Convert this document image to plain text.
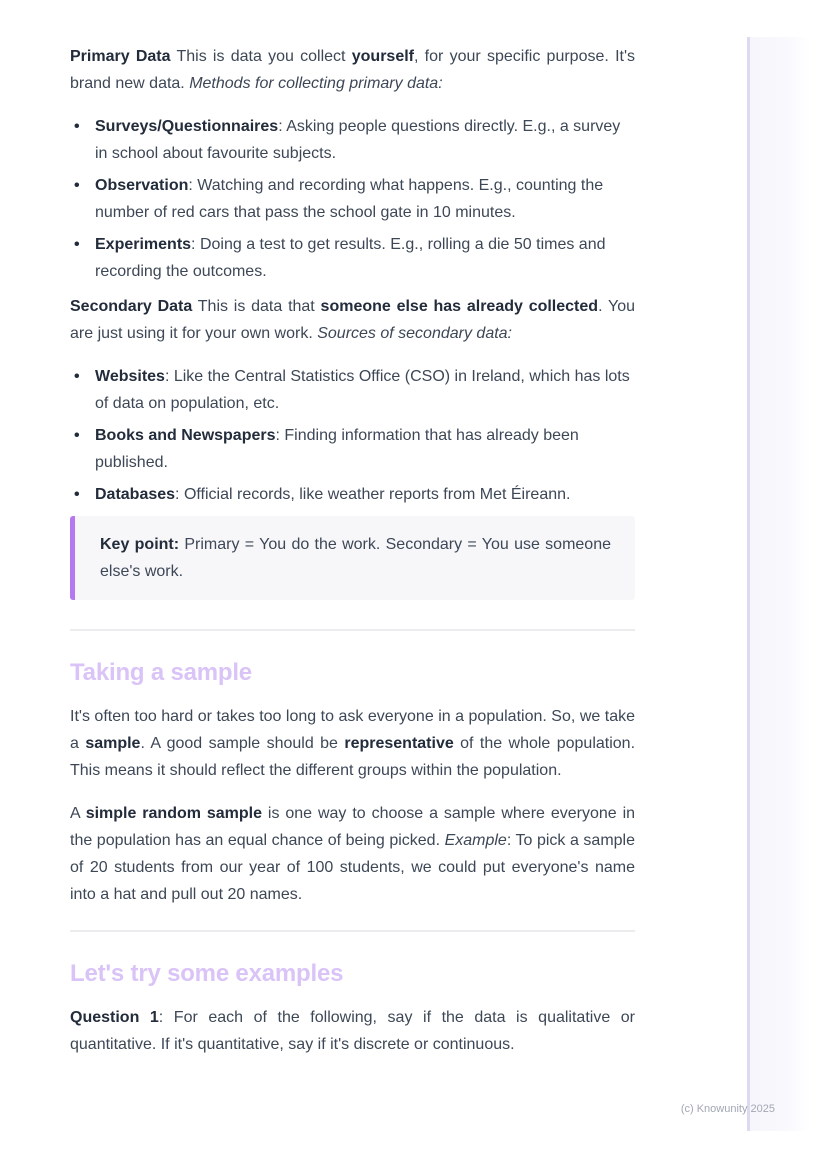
Primary Data This is data you collect yourself, for your specific purpose. It's brand new data. Methods for collecting primary data:

• Surveys/Questionnaires: Asking people questions directly. E.g., a survey in school about favourite subjects.
• Observation: Watching and recording what happens. E.g., counting the number of red cars that pass the school gate in 10 minutes.
• Experiments: Doing a test to get results. E.g., rolling a die 50 times and recording the outcomes.

Secondary Data This is data that someone else has already collected. You are just using it for your own work. Sources of secondary data:

• Websites: Like the Central Statistics Office (CSO) in Ireland, which has lots of data on population, etc.
• Books and Newspapers: Finding information that has already been published.
• Databases: Official records, like weather reports from Met Éireann.

Key point: Primary = You do the work. Secondary = You use someone else's work.

Taking a sample

It's often too hard or takes too long to ask everyone in a population. So, we take a sample. A good sample should be representative of the whole population. This means it should reflect the different groups within the population.

A simple random sample is one way to choose a sample where everyone in the population has an equal chance of being picked. Example: To pick a sample of 20 students from our year of 100 students, we could put everyone's name into a hat and pull out 20 names.

Let's try some examples

Question 1: For each of the following, say if the data is qualitative or quantitative. If it's quantitative, say if it's discrete or continuous.

(c) Knowunity 2025
